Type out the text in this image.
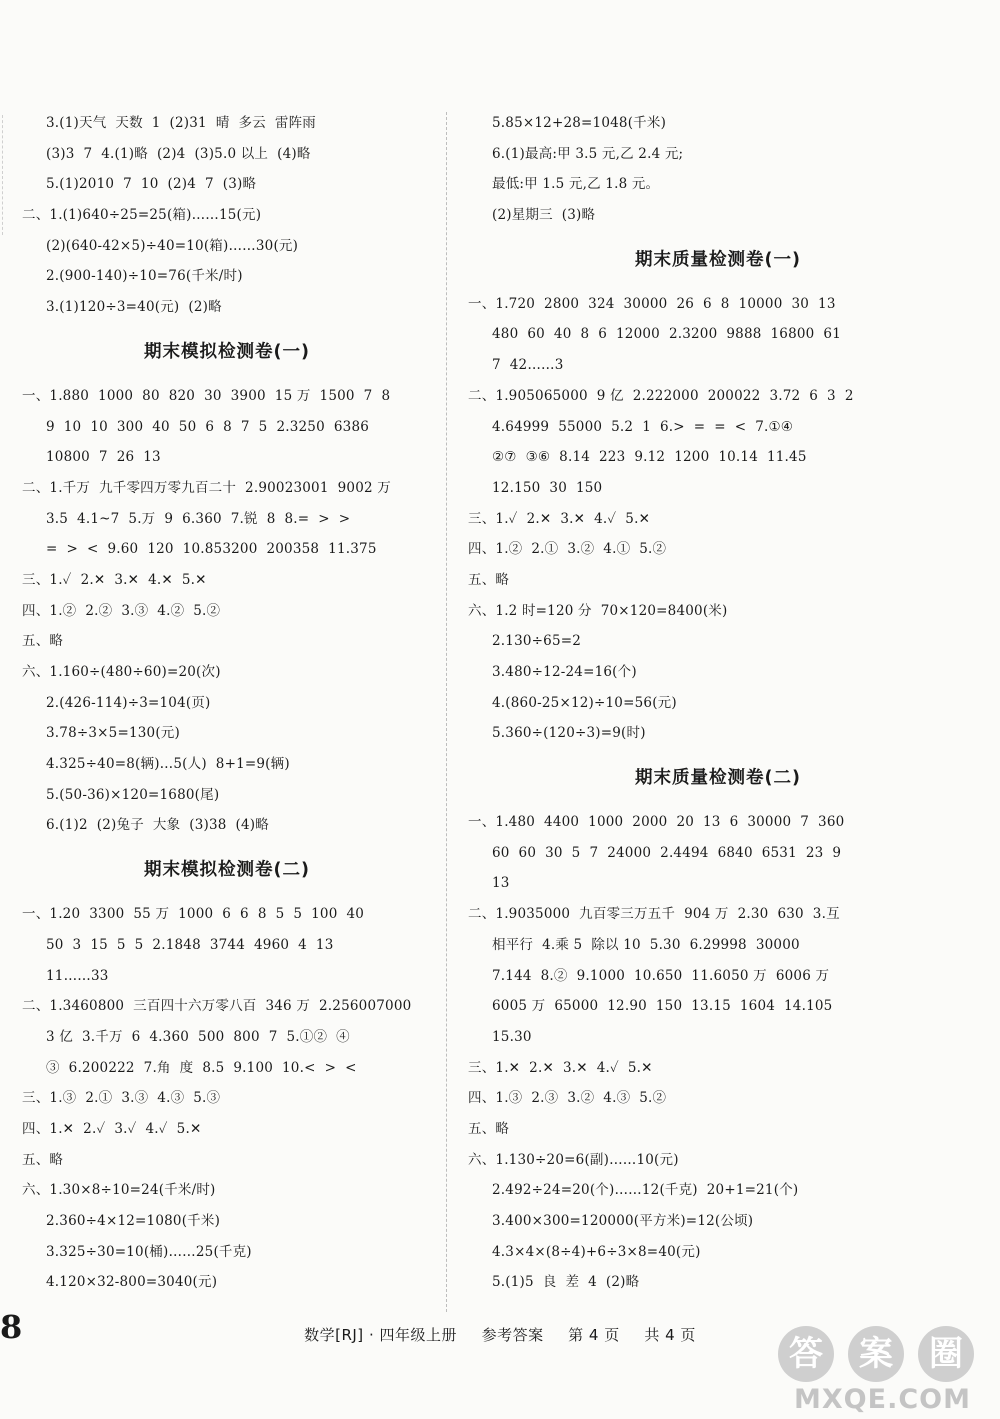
3.(1)天气  天数  1  (2)31  晴  多云  雷阵雨
(3)3  7  4.(1)略  (2)4  (3)5.0 以上  (4)略
5.(1)2010  7  10  (2)4  7  (3)略
二、1.(1)640÷25=25(箱)……15(元)
(2)(640-42×5)÷40=10(箱)……30(元)
2.(900-140)÷10=76(千米/时)
3.(1)120÷3=40(元)  (2)略
期末模拟检测卷(一)
一、1.880  1000  80  820  30  3900  15 万  1500  7  8
9  10  10  300  40  50  6  8  7  5  2.3250  6386
10800  7  26  13
二、1.千万  九千零四万零九百二十  2.90023001  9002 万
3.5  4.1~7  5.万  9  6.360  7.锐  8  8.=  >  >
=  >  <  9.60  120  10.853200  200358  11.375
三、1.✓  2.✕  3.✕  4.✕  5.✕
四、1.②  2.②  3.③  4.②  5.②
五、略
六、1.160÷(480÷60)=20(次)
2.(426-114)÷3=104(页)
3.78÷3×5=130(元)
4.325÷40=8(辆)…5(人)  8+1=9(辆)
5.(50-36)×120=1680(尾)
6.(1)2  (2)兔子  大象  (3)38  (4)略
期末模拟检测卷(二)
一、1.20  3300  55 万  1000  6  6  8  5  5  100  40
50  3  15  5  5  2.1848  3744  4960  4  13
11……33
二、1.3460800  三百四十六万零八百  346 万  2.256007000
3 亿  3.千万  6  4.360  500  800  7  5.①②  ④
③  6.200222  7.角  度  8.5  9.100  10.<  >  <
三、1.③  2.①  3.③  4.③  5.③
四、1.✕  2.✓  3.✓  4.✓  5.✕
五、略
六、1.30×8÷10=24(千米/时)
2.360÷4×12=1080(千米)
3.325÷30=10(桶)……25(千克)
4.120×32-800=3040(元)
5.85×12+28=1048(千米)
6.(1)最高:甲 3.5 元,乙 2.4 元;
最低:甲 1.5 元,乙 1.8 元。
(2)星期三  (3)略
期末质量检测卷(一)
一、1.720  2800  324  30000  26  6  8  10000  30  13
480  60  40  8  6  12000  2.3200  9888  16800  61
7  42……3
二、1.905065000  9 亿  2.222000  200022  3.72  6  3  2
4.64999  55000  5.2  1  6.>  =  =  <  7.①④
②⑦  ③⑥  8.14  223  9.12  1200  10.14  11.45
12.150  30  150
三、1.✓  2.✕  3.✕  4.✓  5.✕
四、1.②  2.①  3.②  4.①  5.②
五、略
六、1.2 时=120 分  70×120=8400(米)
2.130÷65=2
3.480÷12-24=16(个)
4.(860-25×12)÷10=56(元)
5.360÷(120÷3)=9(时)
期末质量检测卷(二)
一、1.480  4400  1000  2000  20  13  6  30000  7  360
60  60  30  5  7  24000  2.4494  6840  6531  23  9
13
二、1.9035000  九百零三万五千  904 万  2.30  630  3.互
相平行  4.乘 5  除以 10  5.30  6.29998  30000
7.144  8.②  9.1000  10.650  11.6050 万  6006 万
6005 万  65000  12.90  150  13.15  1604  14.105
15.30
三、1.✕  2.✕  3.✕  4.✓  5.✕
四、1.③  2.③  3.②  4.③  5.②
五、略
六、1.130÷20=6(副)……10(元)
2.492÷24=20(个)……12(千克)  20+1=21(个)
3.400×300=120000(平方米)=12(公顷)
4.3×4×(8÷4)+6÷3×8=40(元)
5.(1)5  良  差  4  (2)略
8	数学[RJ] · 四年级上册 参考答案 第 4 页 共 4 页	答	案	圈
MXQE.COM
